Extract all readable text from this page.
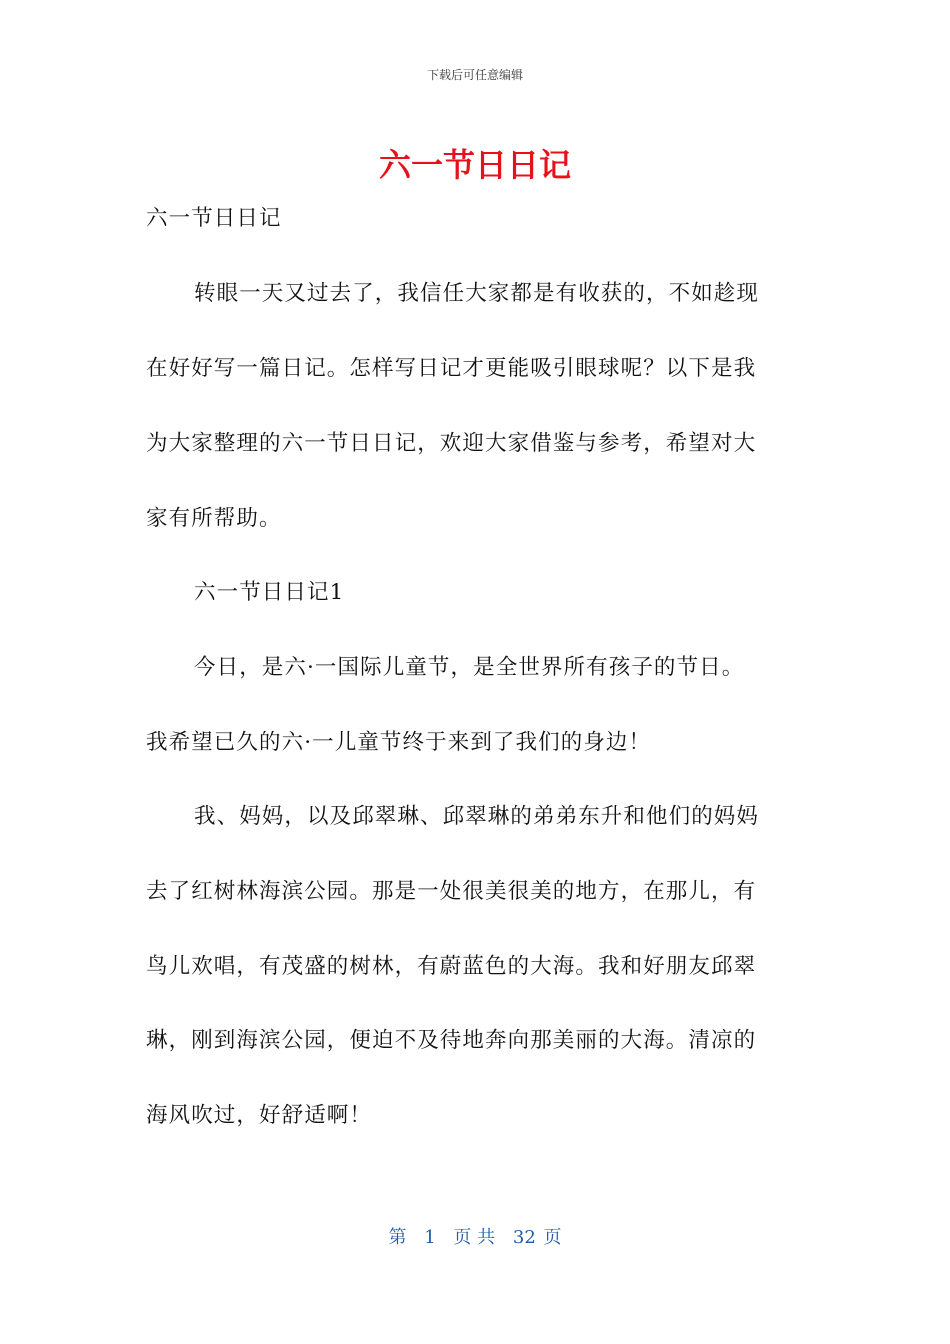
下载后可任意编辑
六一节日日记
六一节日日记
转眼一天又过去了，我信任大家都是有收获的，不如趁现
在好好写一篇日记。怎样写日记才更能吸引眼球呢？以下是我
为大家整理的六一节日日记，欢迎大家借鉴与参考，希望对大
家有所帮助。
六一节日日记1
今日，是六·一国际儿童节，是全世界所有孩子的节日。
我希望已久的六·一儿童节终于来到了我们的身边！
我、妈妈，以及邱翠琳、邱翠琳的弟弟东升和他们的妈妈
去了红树林海滨公园。那是一处很美很美的地方，在那儿，有
鸟儿欢唱，有茂盛的树林，有蔚蓝色的大海。我和好朋友邱翠
琳，刚到海滨公园，便迫不及待地奔向那美丽的大海。清凉的
海风吹过，好舒适啊！
第 1 页 共 32 页
